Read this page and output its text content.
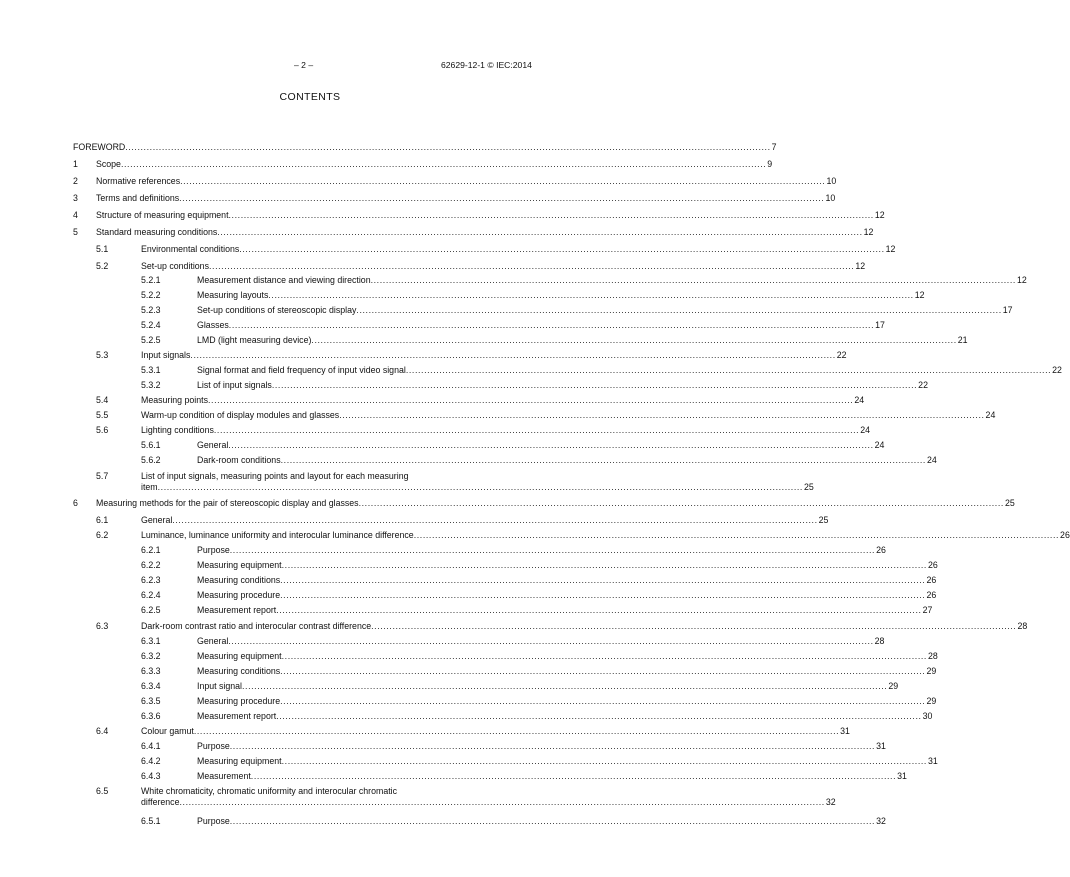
– 2 –	62629-12-1 © IEC:2014
CONTENTS
FOREWORD .................................................................................................................................................................................................................... 7
1 Scope .................................................................................................................................................................................................................... 9
2 Normative references .................................................................................................................................................................................................................... 10
3 Terms and definitions .................................................................................................................................................................................................................... 10
4 Structure of measuring equipment .................................................................................................................................................................................................................... 12
5 Standard measuring conditions .................................................................................................................................................................................................................... 12
5.1	Environmental conditions .................................................................................................................................................................................................................... 12
5.2	Set-up conditions .................................................................................................................................................................................................................... 12
5.2.1	Measurement distance and viewing direction .................................................................................................................................................................................................................... 12
5.2.2	Measuring layouts .................................................................................................................................................................................................................... 12
5.2.3	Set-up conditions of stereoscopic display .................................................................................................................................................................................................................... 17
5.2.4	Glasses .................................................................................................................................................................................................................... 17
5.2.5	LMD (light measuring device) .................................................................................................................................................................................................................... 21
5.3	Input signals .................................................................................................................................................................................................................... 22
5.3.1	Signal format and field frequency of input video signal .................................................................................................................................................................................................................... 22
5.3.2	List of input signals .................................................................................................................................................................................................................... 22
5.4	Measuring points .................................................................................................................................................................................................................... 24
5.5	Warm-up condition of display modules and glasses .................................................................................................................................................................................................................... 24
5.6	Lighting conditions .................................................................................................................................................................................................................... 24
5.6.1	General .................................................................................................................................................................................................................... 24
5.6.2	Dark-room conditions .................................................................................................................................................................................................................... 24
5.7	List of input signals, measuring points and layout for each measuring
item .................................................................................................................................................................................................................... 25
6 Measuring methods for the pair of stereoscopic display and glasses .................................................................................................................................................................................................................... 25
6.1	General .................................................................................................................................................................................................................... 25
6.2	Luminance, luminance uniformity and interocular luminance difference .................................................................................................................................................................................................................... 26
6.2.1	Purpose .................................................................................................................................................................................................................... 26
6.2.2	Measuring equipment .................................................................................................................................................................................................................... 26
6.2.3	Measuring conditions .................................................................................................................................................................................................................... 26
6.2.4	Measuring procedure .................................................................................................................................................................................................................... 26
6.2.5	Measurement report .................................................................................................................................................................................................................... 27
6.3	Dark-room contrast ratio and interocular contrast difference .................................................................................................................................................................................................................... 28
6.3.1	General .................................................................................................................................................................................................................... 28
6.3.2	Measuring equipment .................................................................................................................................................................................................................... 28
6.3.3	Measuring conditions .................................................................................................................................................................................................................... 29
6.3.4	Input signal .................................................................................................................................................................................................................... 29
6.3.5	Measuring procedure .................................................................................................................................................................................................................... 29
6.3.6	Measurement report .................................................................................................................................................................................................................... 30
6.4	Colour gamut .................................................................................................................................................................................................................... 31
6.4.1	Purpose .................................................................................................................................................................................................................... 31
6.4.2	Measuring equipment .................................................................................................................................................................................................................... 31
6.4.3	Measurement .................................................................................................................................................................................................................... 31
6.5	White chromaticity, chromatic uniformity and interocular chromatic
difference .................................................................................................................................................................................................................... 32
6.5.1	Purpose .................................................................................................................................................................................................................... 32
